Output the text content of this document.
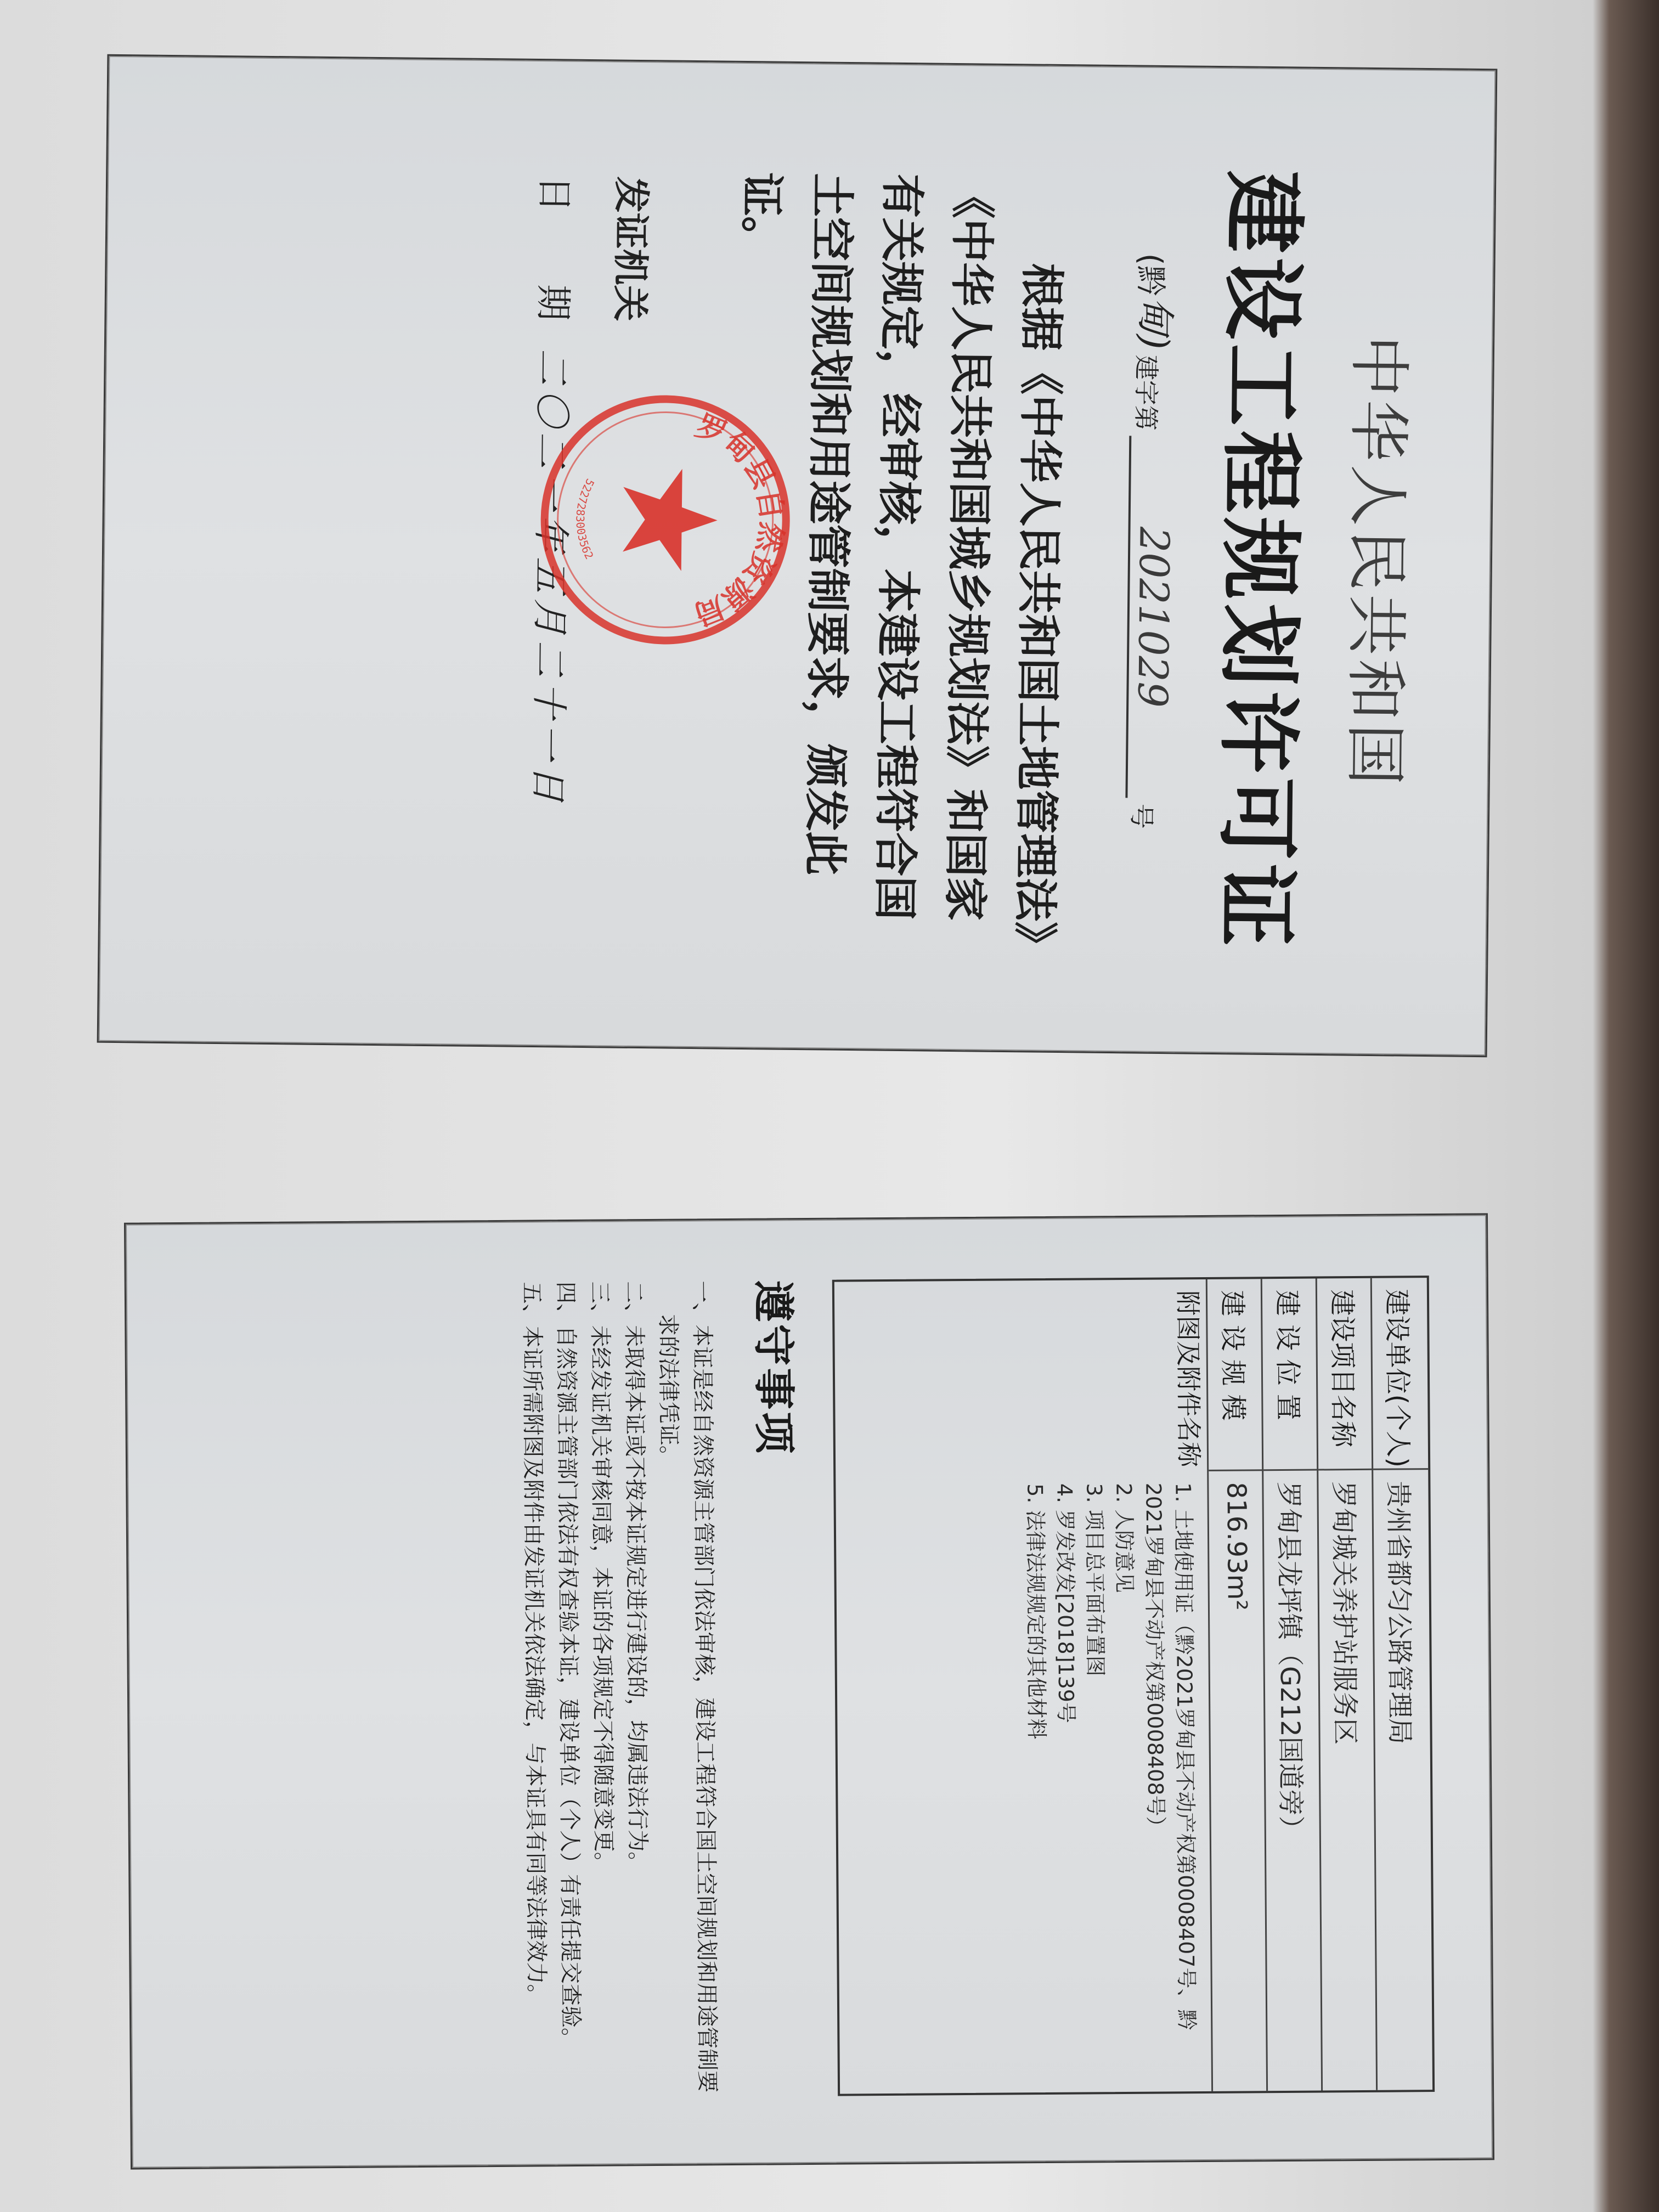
中华人民共和国
建设工程规划许可证
(黔
甸)
建字第
2021029
号
根据《中华人民共和国土地管理法》《中华人民共和国城乡规划法》和国家有关规定，经审核，本建设工程符合国土空间规划和用途管制要求，颁发此证。
发证机关
日　　期 二〇二一年五月二十一日	罗甸县自然资源局
5227283003562
建设单位(个人)
贵州省都匀公路管理局
建设项目名称
罗甸城关养护站服务区
建 设 位 置
罗甸县龙坪镇（G212国道旁）
建 设 规 模
816.93m²
附图及附件名称
1. 土地使用证（黔2021罗甸县不动产权第0008407号、黔2021罗甸县不动产权第0008408号）
2. 人防意见
3. 项目总平面布置图
4. 罗发改发[2018]139号
5. 法律法规规定的其他材料
遵守事项
一、本证是经自然资源主管部门依法审核，建设工程符合国土空间规划和用途管制要求的法律凭证。
二、未取得本证或不按本证规定进行建设的，均属违法行为。
三、未经发证机关审核同意，本证的各项规定不得随意变更。
四、自然资源主管部门依法有权查验本证，建设单位（个人）有责任提交查验。
五、本证所需附图及附件由发证机关依法确定，与本证具有同等法律效力。
